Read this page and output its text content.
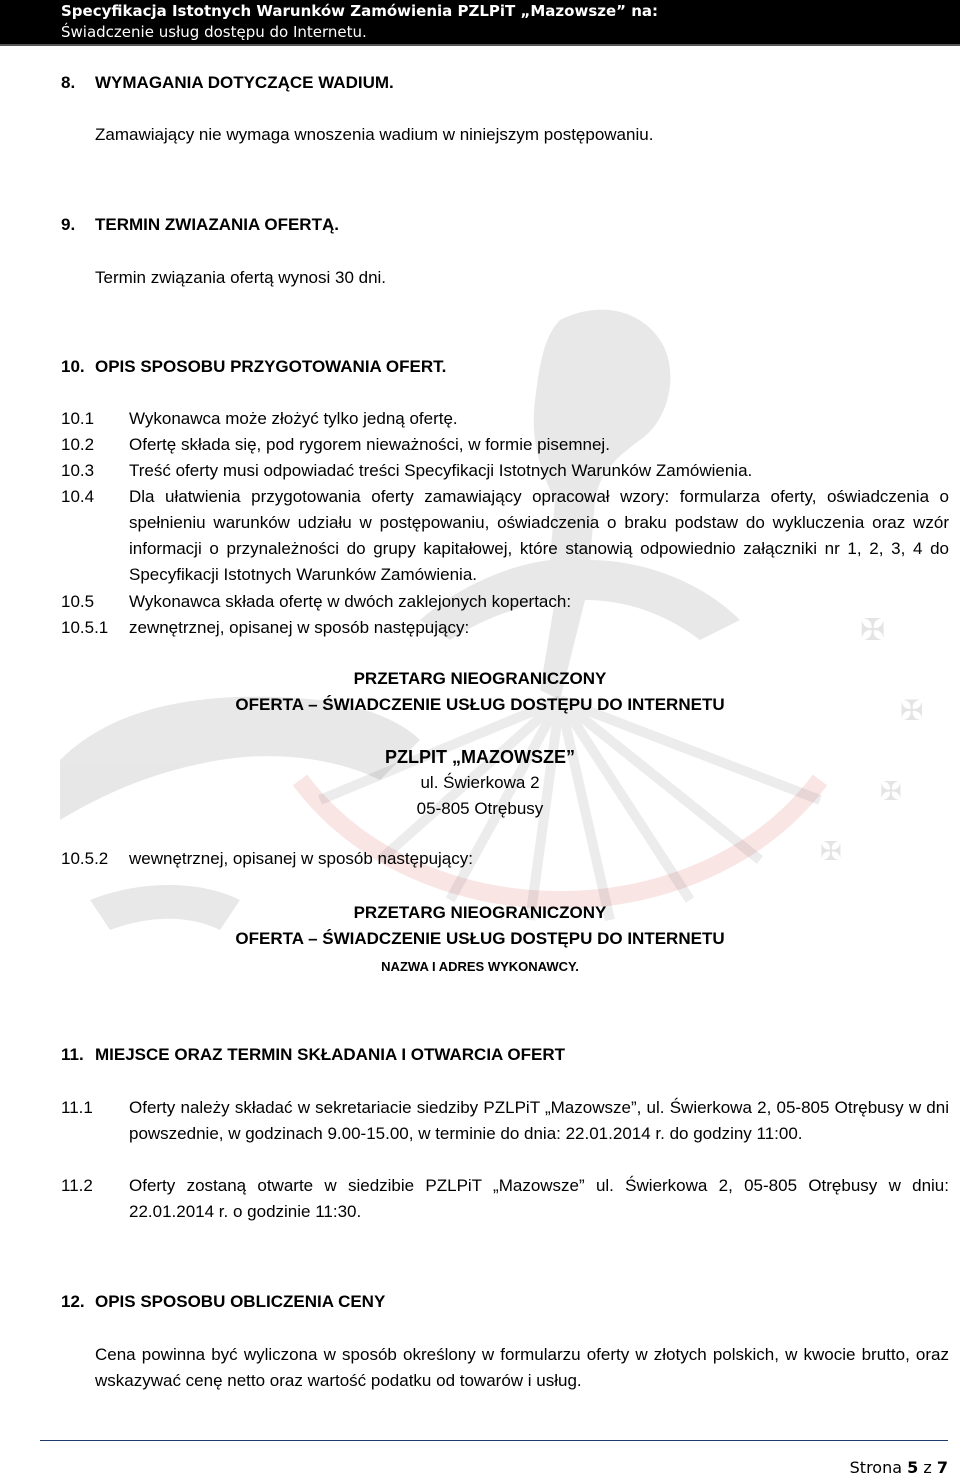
Specyfikacja Istotnych Warunków Zamówienia PZLPiT „Mazowsze” na:
Świadczenie usług dostępu do Internetu.
✠
✠
✠
✠
8. WYMAGANIA DOTYCZĄCE WADIUM.
Zamawiający nie wymaga wnoszenia wadium w niniejszym postępowaniu.
9. TERMIN ZWIAZANIA OFERTĄ.
Termin związania ofertą wynosi 30 dni.
10. OPIS SPOSOBU PRZYGOTOWANIA OFERT.
10.1 Wykonawca może złożyć tylko jedną ofertę.
10.2 Ofertę składa się, pod rygorem nieważności, w formie pisemnej.
10.3 Treść oferty musi odpowiadać treści Specyfikacji Istotnych Warunków Zamówienia.
10.4 Dla ułatwienia przygotowania oferty zamawiający opracował wzory: formularza oferty, oświadczenia o spełnieniu warunków udziału w postępowaniu, oświadczenia o braku podstaw do wykluczenia oraz wzór informacji o przynależności do grupy kapitałowej, które stanowią odpowiednio załączniki nr 1, 2, 3, 4 do Specyfikacji Istotnych Warunków Zamówienia.
10.5 Wykonawca składa ofertę w dwóch zaklejonych kopertach:
10.5.1 zewnętrznej, opisanej w sposób następujący:
PRZETARG NIEOGRANICZONY
OFERTA – ŚWIADCZENIE USŁUG DOSTĘPU DO INTERNETU
PZLPIT „MAZOWSZE”
ul. Świerkowa 2
05-805 Otrębusy
10.5.2 wewnętrznej, opisanej w sposób następujący:
PRZETARG NIEOGRANICZONY
OFERTA – ŚWIADCZENIE USŁUG DOSTĘPU DO INTERNETU
NAZWA I ADRES WYKONAWCY.
11. MIEJSCE ORAZ TERMIN SKŁADANIA I OTWARCIA OFERT
11.1 Oferty należy składać w sekretariacie siedziby PZLPiT „Mazowsze”, ul. Świerkowa 2, 05-805 Otrębusy w dni powszednie, w godzinach 9.00-15.00, w terminie do dnia: 22.01.2014 r. do godziny 11:00.
11.2 Oferty zostaną otwarte w siedzibie PZLPiT „Mazowsze” ul. Świerkowa 2, 05-805 Otrębusy w dniu: 22.01.2014 r. o godzinie 11:30.
12. OPIS SPOSOBU OBLICZENIA CENY
Cena powinna być wyliczona w sposób określony w formularzu oferty w złotych polskich, w kwocie brutto, oraz wskazywać cenę netto oraz wartość podatku od towarów i usług.
Strona 5 z 7
